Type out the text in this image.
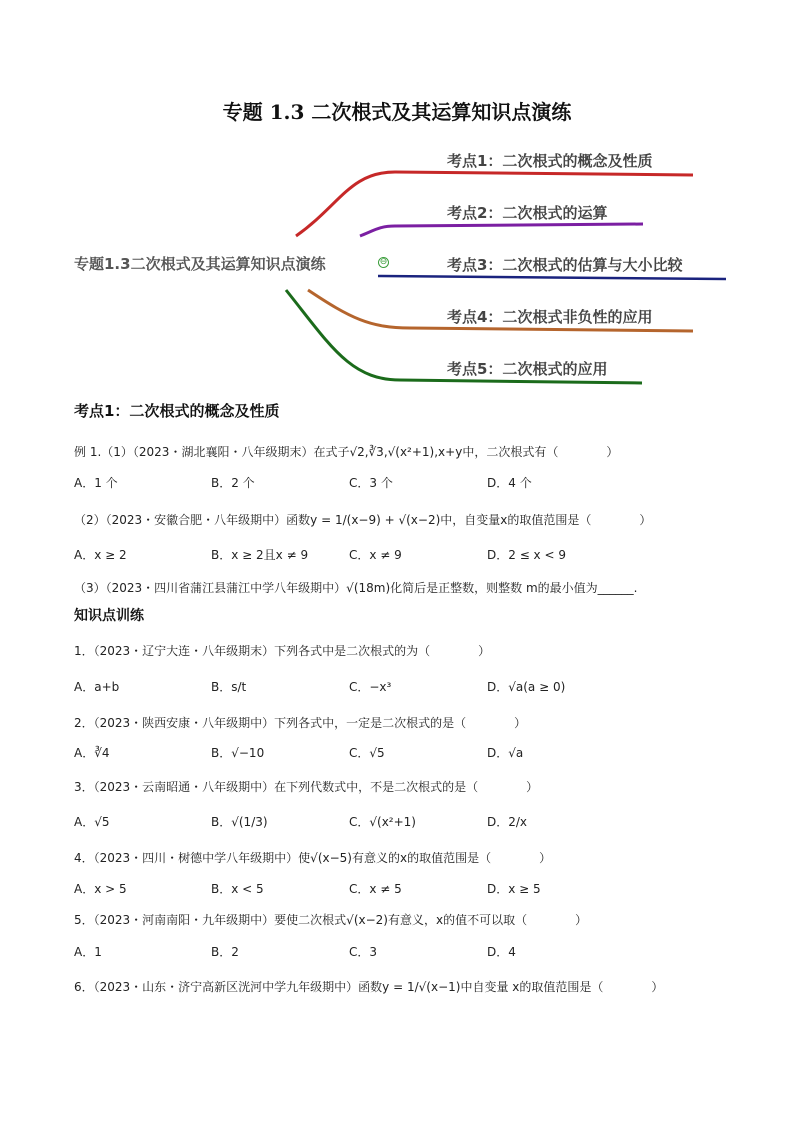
专题 1.3 二次根式及其运算知识点演练
专题1.3二次根式及其运算知识点演练	⊖
考点1：二次根式的概念及性质
考点2：二次根式的运算
考点3：二次根式的估算与大小比较
考点4：二次根式非负性的应用
考点5：二次根式的应用
考点1：二次根式的概念及性质
例 1.（1）（2023・湖北襄阳・八年级期末）在式子√2,∛3,√(x²+1),x+y中，二次根式有（　　　　）
A．1 个	B．2 个	C．3 个	D．4 个
（2）（2023・安徽合肥・八年级期中）函数y = 1/(x−9) + √(x−2)中，自变量x的取值范围是（　　　　）
A．x ≥ 2	B．x ≥ 2且x ≠ 9	C．x ≠ 9	D．2 ≤ x < 9
（3）（2023・四川省蒲江县蒲江中学八年级期中）√(18m)化简后是正整数，则整数 m的最小值为______.
知识点训练
1．（2023・辽宁大连・八年级期末）下列各式中是二次根式的为（　　　　）
A．a+b	B．s/t	C．−x³	D．√a(a ≥ 0)
2．（2023・陕西安康・八年级期中）下列各式中，一定是二次根式的是（　　　　）
A．∛4	B．√−10	C．√5	D．√a
3．（2023・云南昭通・八年级期中）在下列代数式中，不是二次根式的是（　　　　）
A．√5	B．√(1/3)	C．√(x²+1)	D．2/x
4．（2023・四川・树德中学八年级期中）使√(x−5)有意义的x的取值范围是（　　　　）
A．x > 5	B．x < 5	C．x ≠ 5	D．x ≥ 5
5．（2023・河南南阳・九年级期中）要使二次根式√(x−2)有意义，x的值不可以取（　　　　）
A．1	B．2	C．3	D．4
6．（2023・山东・济宁高新区洸河中学九年级期中）函数y = 1/√(x−1)中自变量 x的取值范围是（　　　　）
